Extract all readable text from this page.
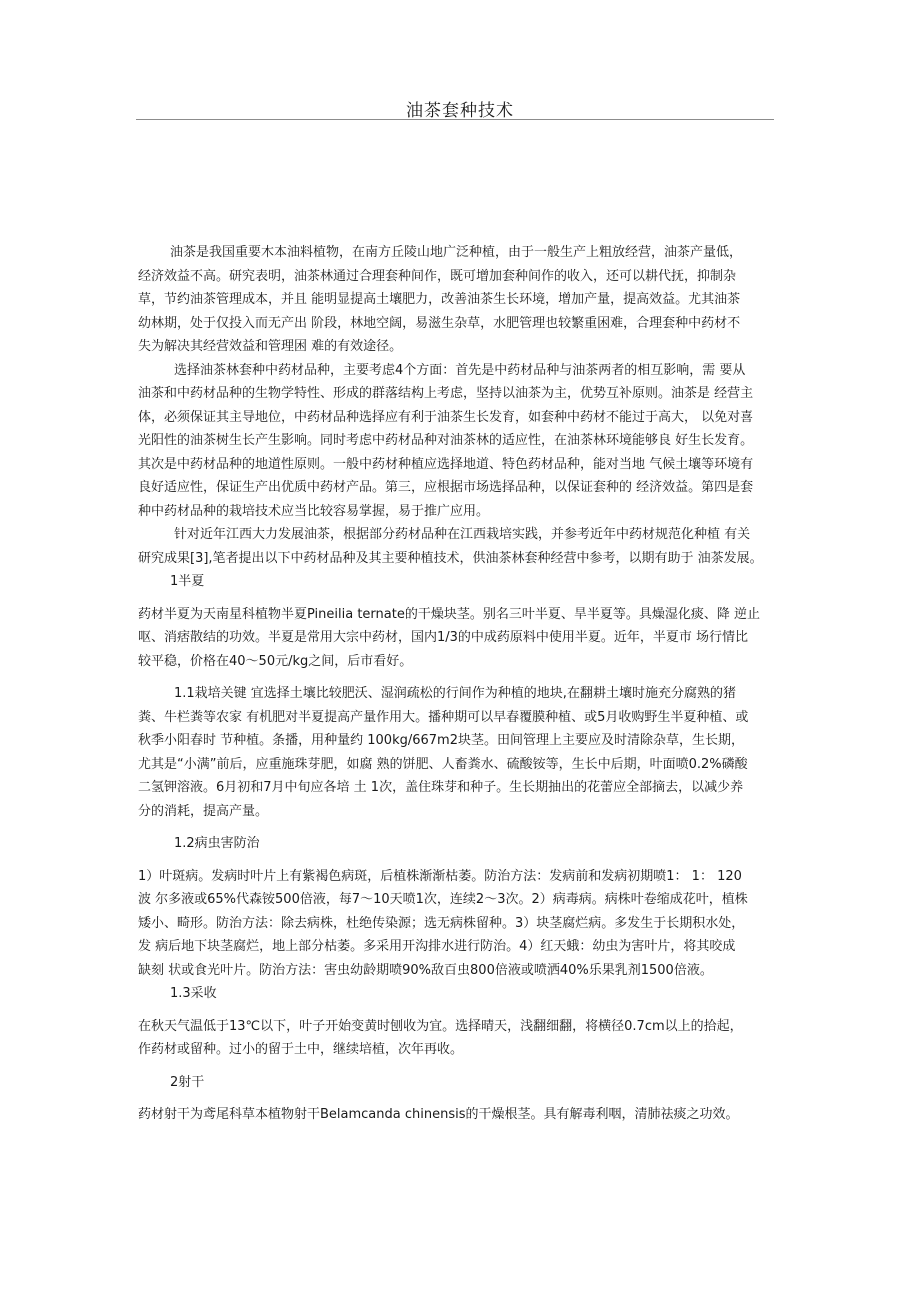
油茶套种技术
油茶是我国重要木本油料植物，在南方丘陵山地广泛种植，由于一般生产上粗放经营，油茶产量低，
经济效益不高。研究表明，油茶林通过合理套种间作，既可增加套种间作的收入，还可以耕代抚，抑制杂
草，节约油茶管理成本，并且 能明显提高土壤肥力，改善油茶生长环境，增加产量，提高效益。尤其油茶
幼林期，处于仅投入而无产出 阶段，林地空阔，易滋生杂草，水肥管理也较繁重困难，合理套种中药材不
失为解决其经营效益和管理困 难的有效途径。
选择油茶林套种中药材品种，主要考虑4个方面：首先是中药材品种与油茶两者的相互影响，需 要从
油茶和中药材品种的生物学特性、形成的群落结构上考虑，坚持以油茶为主，优势互补原则。油茶是 经营主
体，必须保证其主导地位，中药材品种选择应有利于油茶生长发育，如套种中药材不能过于高大， 以免对喜
光阳性的油茶树生长产生影响。同时考虑中药材品种对油茶林的适应性，在油茶林环境能够良 好生长发育。
其次是中药材品种的地道性原则。一般中药材种植应选择地道、特色药材品种，能对当地 气候土壤等环境有
良好适应性，保证生产出优质中药材产品。第三，应根据市场选择品种，以保证套种的 经济效益。第四是套
种中药材品种的栽培技术应当比较容易掌握，易于推广应用。
针对近年江西大力发展油茶，根据部分药材品种在江西栽培实践，并参考近年中药材规范化种植 有关
研究成果[3],笔者提出以下中药材品种及其主要种植技术，供油茶林套种经营中参考，以期有助于 油茶发展。
1半夏
药材半夏为天南星科植物半夏Pineilia ternate的干燥块茎。别名三叶半夏、旱半夏等。具燥湿化痰、降 逆止
呕、消痞散结的功效。半夏是常用大宗中药材，国内1/3的中成药原料中使用半夏。近年，半夏市 场行情比
较平稳，价格在40～50元/kg之间，后市看好。
1.1栽培关键 宜选择土壤比较肥沃、湿润疏松的行间作为种植的地块,在翻耕土壤时施充分腐熟的猪
粪、牛栏粪等农家 有机肥对半夏提高产量作用大。播种期可以早春覆膜种植、或5月收购野生半夏种植、或
秋季小阳春时 节种植。条播，用种量约 100kg/667m2块茎。田间管理上主要应及时清除杂草，生长期，
尤其是“小满”前后，应重施珠芽肥，如腐 熟的饼肥、人畜粪水、硫酸铵等，生长中后期，叶面喷0.2%磷酸
二氢钾溶液。6月初和7月中旬应各培 土 1次，盖住珠芽和种子。生长期抽出的花蕾应全部摘去，以减少养
分的消耗，提高产量。
1.2病虫害防治
1）叶斑病。发病时叶片上有紫褐色病斑，后植株渐渐枯萎。防治方法：发病前和发病初期喷1： 1： 120
波 尔多液或65%代森铵500倍液，每7～10天喷1次，连续2～3次。2）病毒病。病株叶卷缩成花叶，植株
矮小、畸形。防治方法：除去病株，杜绝传染源；选无病株留种。3）块茎腐烂病。多发生于长期积水处，
发 病后地下块茎腐烂，地上部分枯萎。多采用开沟排水进行防治。4）红天蛾：幼虫为害叶片，将其咬成
缺刻 状或食光叶片。防治方法：害虫幼龄期喷90%敌百虫800倍液或喷洒40%乐果乳剂1500倍液。
1.3采收
在秋天气温低于13℃以下，叶子开始变黄时刨收为宜。选择晴天，浅翻细翻，将横径0.7cm以上的拾起，
作药材或留种。过小的留于土中，继续培植，次年再收。
2射干
药材射干为鸢尾科草本植物射干Belamcanda chinensis的干燥根茎。具有解毒利咽，清肺祛痰之功效。
